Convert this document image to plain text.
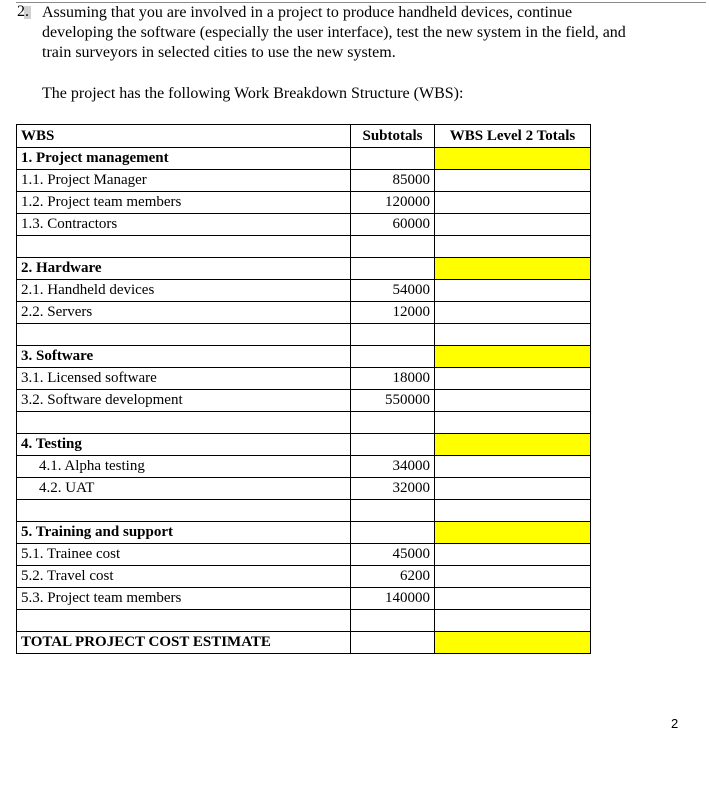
2. Assuming that you are involved in a project to produce handheld devices, continue
developing the software (especially the user interface), test the new system in the field, and
train surveyors in selected cities to use the new system.
The project has the following Work Breakdown Structure (WBS):
WBS	Subtotals	WBS Level 2 Totals
1. Project management		
1.1. Project Manager	85000	
1.2. Project team members	120000	
1.3. Contractors	60000	

2. Hardware		
2.1. Handheld devices	54000	
2.2. Servers	12000	

3. Software		
3.1. Licensed software	18000	
3.2. Software development	550000	

4. Testing		
4.1. Alpha testing	34000	
4.2. UAT	32000	

5. Training and support		
5.1. Trainee cost	45000	
5.2. Travel cost	6200	
5.3. Project team members	140000	

TOTAL PROJECT COST ESTIMATE		
2
